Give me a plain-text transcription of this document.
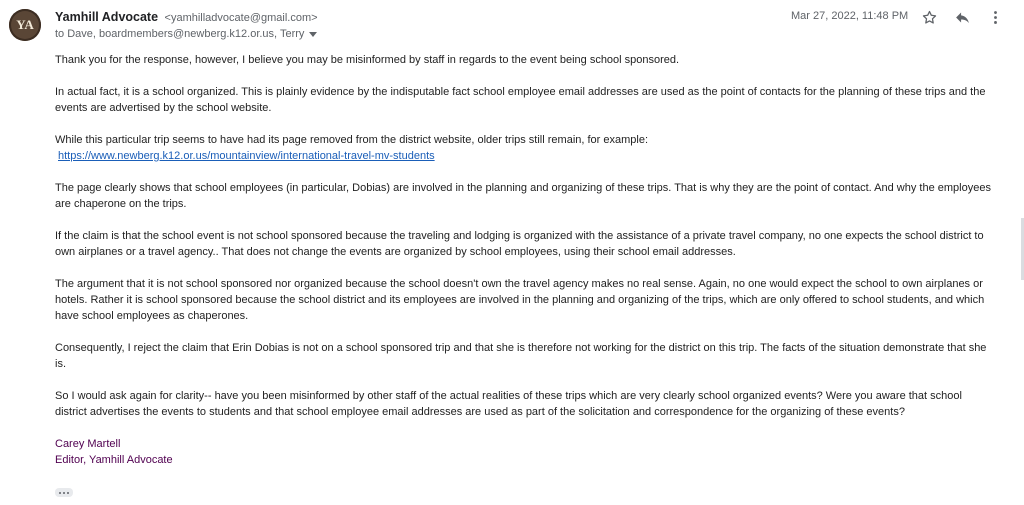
YA	Yamhill Advocate <yamhilladvocate@gmail.com>
to Dave, boardmembers@newberg.k12.or.us, Terry
Mar 27, 2022, 11:48 PM

Thank you for the response, however, I believe you may be misinformed by staff in regards to the event being school sponsored.

In actual fact, it is a school organized. This is plainly evidence by the indisputable fact school employee email addresses are used as the point of contacts for the planning of these trips and the events are advertised by the school website.

While this particular trip seems to have had its page removed from the district website, older trips still remain, for example:
https://www.newberg.k12.or.us/mountainview/international-travel-mv-students

The page clearly shows that school employees (in particular, Dobias) are involved in the planning and organizing of these trips. That is why they are the point of contact. And why the employees are chaperone on the trips.

If the claim is that the school event is not school sponsored because the traveling and lodging is organized with the assistance of a private travel company, no one expects the school district to own airplanes or a travel agency.. That does not change the events are organized by school employees, using their school email addresses.

The argument that it is not school sponsored nor organized because the school doesn't own the travel agency makes no real sense. Again, no one would expect the school to own airplanes or hotels. Rather it is school sponsored because the school district and its employees are involved in the planning and organizing of the trips, which are only offered to school students, and which have school employees as chaperones.

Consequently, I reject the claim that Erin Dobias is not on a school sponsored trip and that she is therefore not working for the district on this trip. The facts of the situation demonstrate that she is.

So I would ask again for clarity-- have you been misinformed by other staff of the actual realities of these trips which are very clearly school organized events? Were you aware that school district advertises the events to students and that school employee email addresses are used as part of the solicitation and correspondence for the organizing of these events?

Carey Martell
Editor, Yamhill Advocate
